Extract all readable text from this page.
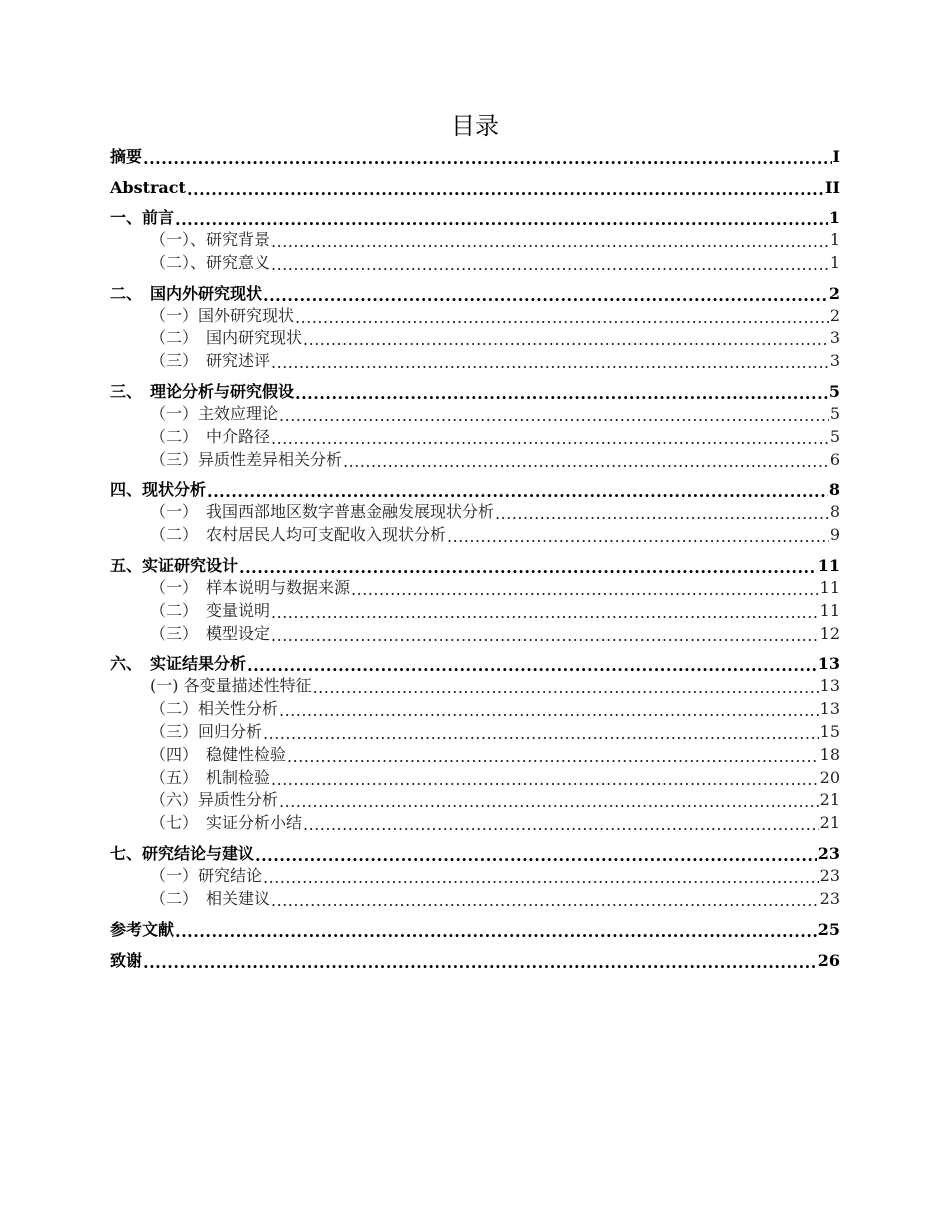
目录
摘要 .....	I
Abstract .....	II
一、前言 .....	1
（一）、研究背景 .....	1
（二）、研究意义 .....	1
二、　国内外研究现状 .....	2
（一）国外研究现状 .....	2
（二）　国内研究现状 .....	3
（三）　研究述评 .....	3
三、　理论分析与研究假设 .....	5
（一）主效应理论 .....	5
（二）　中介路径 .....	5
（三）异质性差异相关分析 .....	6
四、现状分析 .....	8
（一）　我国西部地区数字普惠金融发展现状分析 .....	8
（二）　农村居民人均可支配收入现状分析 .....	9
五、实证研究设计 .....	11
（一）　样本说明与数据来源 .....	11
（二）　变量说明 .....	11
（三）　模型设定 .....	12
六、　实证结果分析 .....	13
(一) 各变量描述性特征 .....	13
（二）相关性分析 .....	13
（三）回归分析 .....	15
（四）　稳健性检验 .....	18
（五）　机制检验 .....	20
（六）异质性分析 .....	21
（七）　实证分析小结 .....	21
七、研究结论与建议 .....	23
（一）研究结论 .....	23
（二）　相关建议 .....	23
参考文献 .....	25
致谢 .....	26
